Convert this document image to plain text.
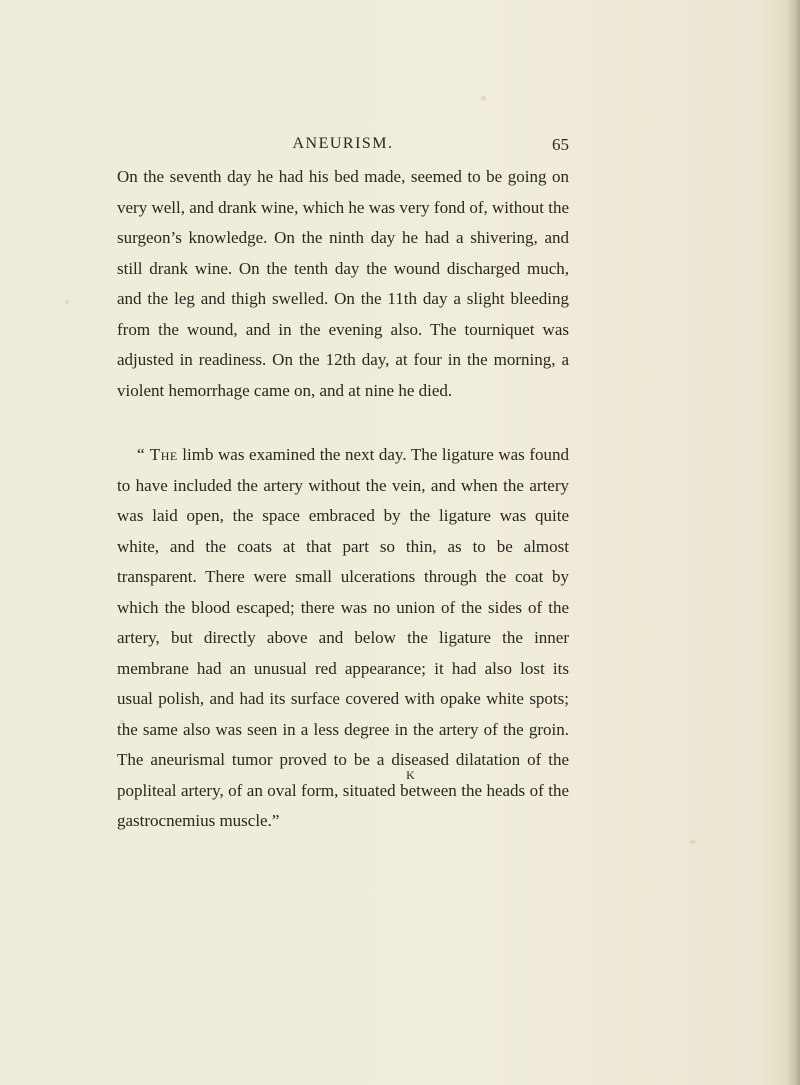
ANEURISM.	65

On the seventh day he had his bed made, seemed to be going on very well, and drank wine, which he was very fond of, without the surgeon’s knowledge. On the ninth day he had a shivering, and still drank wine. On the tenth day the wound discharged much, and the leg and thigh swelled. On the 11th day a slight bleeding from the wound, and in the evening also. The tourniquet was adjusted in readiness. On the 12th day, at four in the morning, a violent hemorrhage came on, and at nine he died.

“ The limb was examined the next day. The ligature was found to have included the artery without the vein, and when the artery was laid open, the space embraced by the ligature was quite white, and the coats at that part so thin, as to be almost transparent. There were small ulcerations through the coat by which the blood escaped; there was no union of the sides of the artery, but directly above and below the ligature the inner membrane had an unusual red appearance; it had also lost its usual polish, and had its surface covered with opake white spots; the same also was seen in a less degree in the artery of the groin. The aneurismal tumor proved to be a diseased dilatation of the popliteal artery, of an oval form, situated between the heads of the gastrocnemius muscle.”

K
